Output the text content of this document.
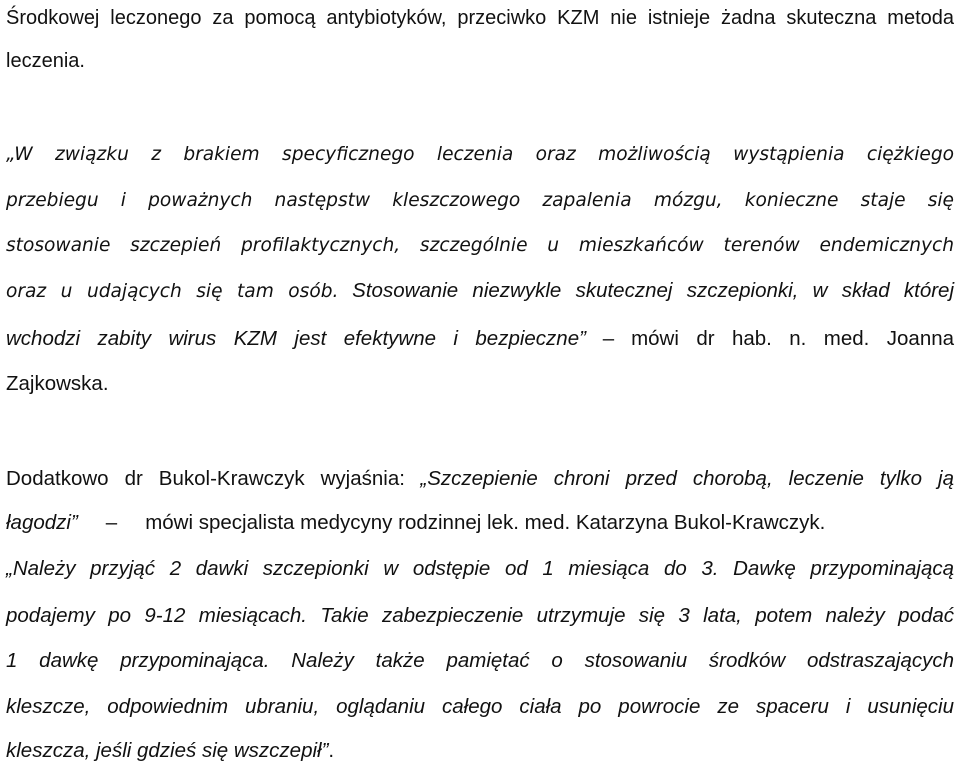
Środkowej leczonego za pomocą antybiotyków, przeciwko KZM nie istnieje żadna skuteczna metoda
leczenia.
„W związku z brakiem specyficznego leczenia oraz możliwością wystąpienia ciężkiego
przebiegu i poważnych następstw kleszczowego zapalenia mózgu, konieczne staje się
stosowanie szczepień profilaktycznych, szczególnie u mieszkańców terenów endemicznych
oraz u udających się tam osób. Stosowanie niezwykle skutecznej szczepionki, w skład której
wchodzi zabity wirus KZM jest efektywne i bezpieczne” – mówi dr hab. n. med. Joanna
Zajkowska.
Dodatkowo dr Bukol-Krawczyk wyjaśnia: „Szczepienie chroni przed chorobą, leczenie tylko ją
łagodzi” – mówi specjalista medycyny rodzinnej lek. med. Katarzyna Bukol-Krawczyk.
„Należy przyjąć 2 dawki szczepionki w odstępie od 1 miesiąca do 3. Dawkę przypominającą
podajemy po 9-12 miesiącach. Takie zabezpieczenie utrzymuje się 3 lata, potem należy podać
1 dawkę przypominająca. Należy także pamiętać o stosowaniu środków odstraszających
kleszcze, odpowiednim ubraniu, oglądaniu całego ciała po powrocie ze spaceru i usunięciu
kleszcza, jeśli gdzieś się wszczepił”.
